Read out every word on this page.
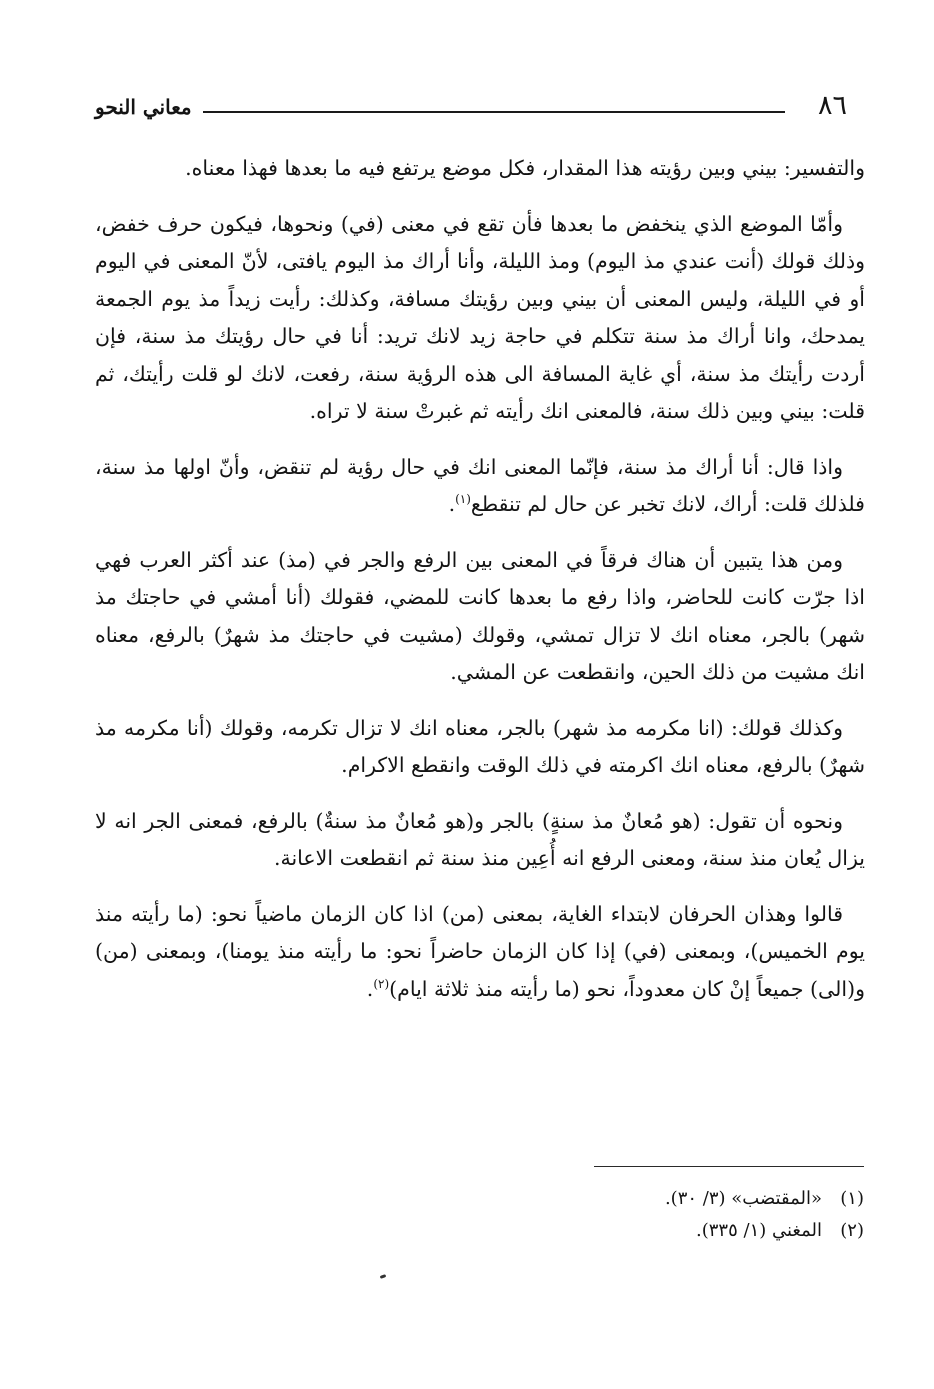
٨٦
معاني النحو

والتفسير: بيني وبين رؤيته هذا المقدار، فكل موضع يرتفع فيه ما بعدها فهذا معناه.

وأمّا الموضع الذي ينخفض ما بعدها فأن تقع في معنى (في) ونحوها، فيكون حرف خفض، وذلك قولك (أنت عندي مذ اليوم) ومذ الليلة، وأنا أراك مذ اليوم يافتى، لأنّ المعنى في اليوم أو في الليلة، وليس المعنى أن بيني وبين رؤيتك مسافة، وكذلك: رأيت زيداً مذ يوم الجمعة يمدحك، وانا أراك مذ سنة تتكلم في حاجة زيد لانك تريد: أنا في حال رؤيتك مذ سنة، فإن أردت رأيتك مذ سنة، أي غاية المسافة الى هذه الرؤية سنة، رفعت، لانك لو قلت رأيتك، ثم قلت: بيني وبين ذلك سنة، فالمعنى انك رأيته ثم غبرتْ سنة لا تراه.

واذا قال: أنا أراك مذ سنة، فإنّما المعنى انك في حال رؤية لم تنقض، وأنّ اولها مذ سنة، فلذلك قلت: أراك، لانك تخبر عن حال لم تنقطع$^{(١)}$.

ومن هذا يتبين أن هناك فرقاً في المعنى بين الرفع والجر في (مذ) عند أكثر العرب فهي اذا جرّت كانت للحاضر، واذا رفع ما بعدها كانت للمضي، فقولك (أنا أمشي في حاجتك مذ شهر) بالجر، معناه انك لا تزال تمشي، وقولك (مشيت في حاجتك مذ شهرٌ) بالرفع، معناه انك مشيت من ذلك الحين، وانقطعت عن المشي.

وكذلك قولك: (انا مكرمه مذ شهر) بالجر، معناه انك لا تزال تكرمه، وقولك (أنا مكرمه مذ شهرٌ) بالرفع، معناه انك اكرمته في ذلك الوقت وانقطع الاكرام.

ونحوه أن تقول: (هو مُعانٌ مذ سنةٍ) بالجر و(هو مُعانٌ مذ سنةٌ) بالرفع، فمعنى الجر انه لا يزال يُعان منذ سنة، ومعنى الرفع انه أُعِين منذ سنة ثم انقطعت الاعانة.

قالوا وهذان الحرفان لابتداء الغاية، بمعنى (من) اذا كان الزمان ماضياً نحو: (ما رأيته منذ يوم الخميس)، وبمعنى (في) إذا كان الزمان حاضراً نحو: ما رأيته منذ يومنا)، وبمعنى (من) و(الى) جميعاً إنْ كان معدوداً، نحو (ما رأيته منذ ثلاثة ايام)$^{(٢)}$.

(١)
«المقتضب» (٣/ ٣٠).
(٢)
المغني (١/ ٣٣٥).
